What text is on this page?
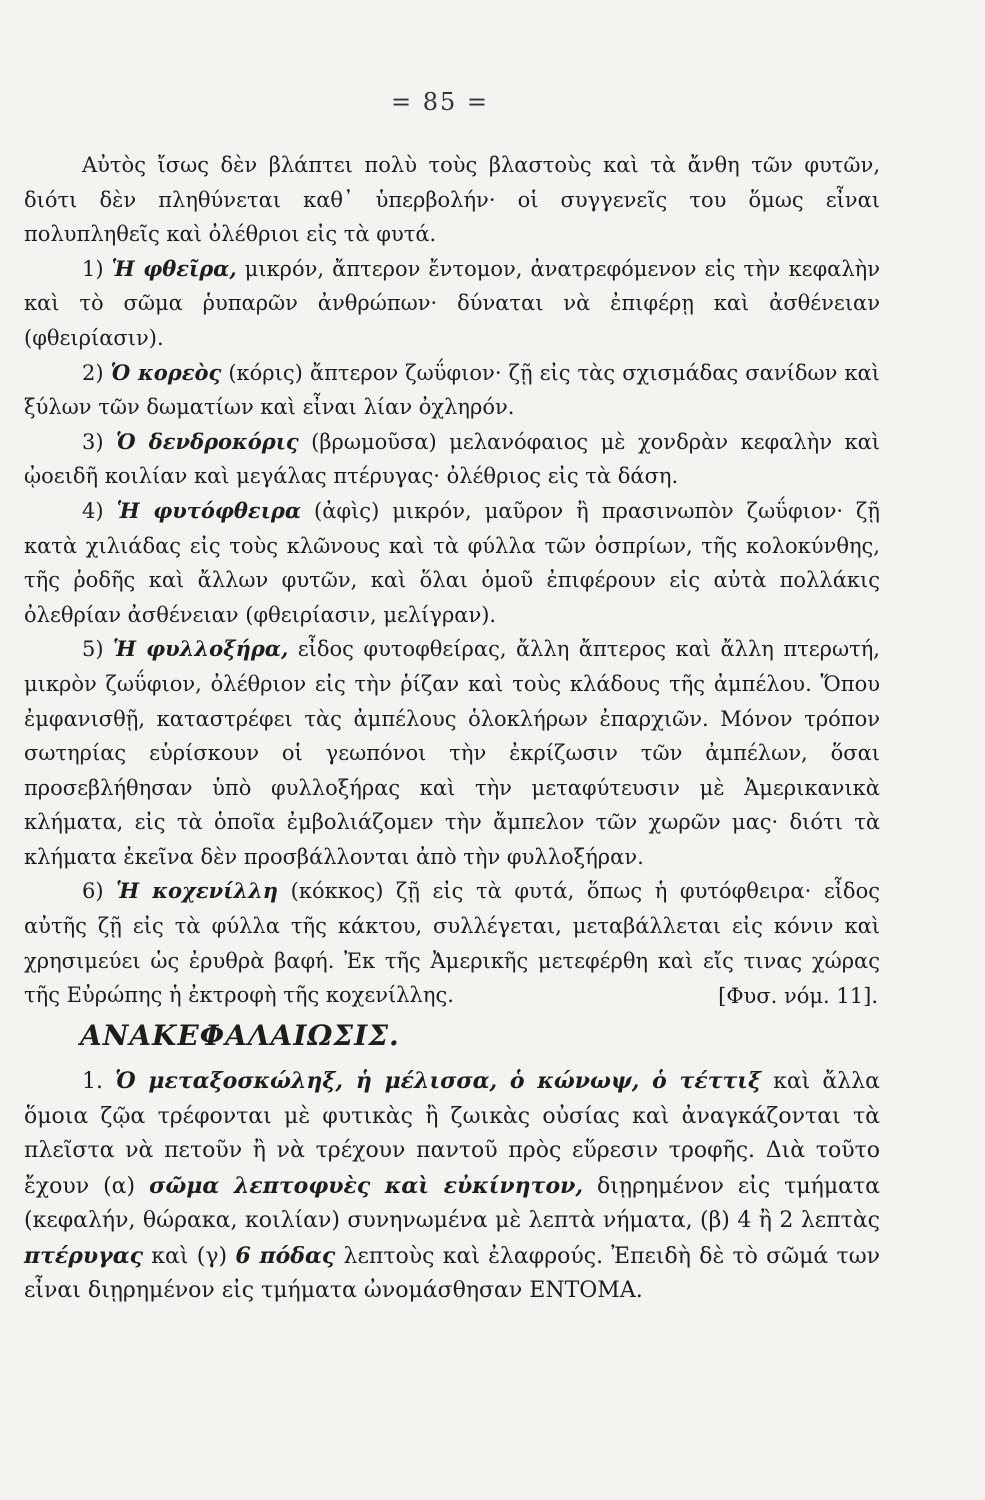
= 85 =

Αὐτὸς ἴσως δὲν βλάπτει πολὺ τοὺς βλαστοὺς καὶ τὰ ἄνθη τῶν φυτῶν, διότι δὲν πληθύνεται καθ᾽ ὑπερβολήν· οἱ συγγενεῖς του ὅμως εἶναι πολυπληθεῖς καὶ ὀλέθριοι εἰς τὰ φυτά.

1) Ἡ φθεῖρα, μικρόν, ἄπτερον ἔντομον, ἀνατρεφόμενον εἰς τὴν κεφαλὴν καὶ τὸ σῶμα ῥυπαρῶν ἀνθρώπων· δύναται νὰ ἐπιφέρῃ καὶ ἀσθένειαν (φθειρίασιν).

2) Ὁ κορεὸς (κόρις) ἄπτερον ζωΰφιον· ζῇ εἰς τὰς σχισμάδας σανίδων καὶ ξύλων τῶν δωματίων καὶ εἶναι λίαν ὀχληρόν.

3) Ὁ δενδροκόρις (βρωμοῦσα) μελανόφαιος μὲ χονδρὰν κεφαλὴν καὶ ᾠοειδῆ κοιλίαν καὶ μεγάλας πτέρυγας· ὀλέθριος εἰς τὰ δάση.

4) Ἡ φυτόφθειρα (ἀφὶς) μικρόν, μαῦρον ἢ πρασινωπὸν ζωΰφιον· ζῇ κατὰ χιλιάδας εἰς τοὺς κλῶνους καὶ τὰ φύλλα τῶν ὀσπρίων, τῆς κολοκύνθης, τῆς ῥοδῆς καὶ ἄλλων φυτῶν, καὶ ὅλαι ὁμοῦ ἐπιφέρουν εἰς αὐτὰ πολλάκις ὀλεθρίαν ἀσθένειαν (φθειρίασιν, μελίγραν).

5) Ἡ φυλλοξήρα, εἶδος φυτοφθείρας, ἄλλη ἄπτερος καὶ ἄλλη πτερωτή, μικρὸν ζωΰφιον, ὀλέθριον εἰς τὴν ῥίζαν καὶ τοὺς κλάδους τῆς ἀμπέλου. Ὅπου ἐμφανισθῇ, καταστρέφει τὰς ἀμπέλους ὁλοκλήρων ἐπαρχιῶν. Μόνον τρόπον σωτηρίας εὑρίσκουν οἱ γεωπόνοι τὴν ἐκρίζωσιν τῶν ἀμπέλων, ὅσαι προσεβλήθησαν ὑπὸ φυλλοξήρας καὶ τὴν μεταφύτευσιν μὲ Ἀμερικανικὰ κλήματα, εἰς τὰ ὁποῖα ἐμβολιάζομεν τὴν ἄμπελον τῶν χωρῶν μας· διότι τὰ κλήματα ἐκεῖνα δὲν προσβάλλονται ἀπὸ τὴν φυλλοξήραν.

6) Ἡ κοχενίλλη (κόκκος) ζῇ εἰς τὰ φυτά, ὅπως ἡ φυτόφθειρα· εἶδος αὐτῆς ζῇ εἰς τὰ φύλλα τῆς κάκτου, συλλέγεται, μεταβάλλεται εἰς κόνιν καὶ χρησιμεύει ὡς ἐρυθρὰ βαφή. Ἐκ τῆς Ἀμερικῆς μετεφέρθη καὶ εἴς τινας χώρας τῆς Εὐρώπης ἡ ἐκτροφὴ τῆς κοχενίλλης.	[Φυσ. νόμ. 11].

ΑΝΑΚΕΦΑΛΑΙΩΣΙΣ.

1. Ὁ μεταξοσκώληξ, ἡ μέλισσα, ὁ κώνωψ, ὁ τέττιξ καὶ ἄλλα ὅμοια ζῷα τρέφονται μὲ φυτικὰς ἢ ζωικὰς οὐσίας καὶ ἀναγκάζονται τὰ πλεῖστα νὰ πετοῦν ἢ νὰ τρέχουν παντοῦ πρὸς εὕρεσιν τροφῆς. Διὰ τοῦτο ἔχουν (α) σῶμα λεπτοφυὲς καὶ εὐκίνητον, διῃρημένον εἰς τμήματα (κεφαλήν, θώρακα, κοιλίαν) συνηνωμένα μὲ λεπτὰ νήματα, (β) 4 ἢ 2 λεπτὰς πτέρυγας καὶ (γ) 6 πόδας λεπτοὺς καὶ ἐλαφρούς. Ἐπειδὴ δὲ τὸ σῶμά των εἶναι διῃρημένον εἰς τμήματα ὠνομάσθησαν ΕΝΤΟΜΑ.
